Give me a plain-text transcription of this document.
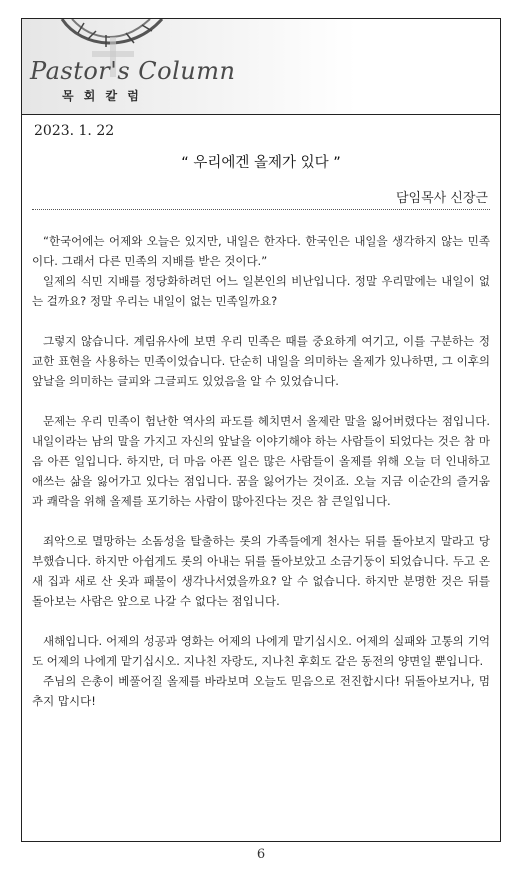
Pastor's Column
목 회 칼 럼
2023. 1. 22
“ 우리에겐 올제가 있다 ”
담임목사 신장근

“한국어에는 어제와 오늘은 있지만, 내일은 한자다. 한국인은 내일을 생각하지 않는 민족이다. 그래서 다른 민족의 지배를 받은 것이다.”

일제의 식민 지배를 정당화하려던 어느 일본인의 비난입니다. 정말 우리말에는 내일이 없는 걸까요? 정말 우리는 내일이 없는 민족일까요?

그렇지 않습니다. 계림유사에 보면 우리 민족은 때를 중요하게 여기고, 이를 구분하는 정교한 표현을 사용하는 민족이었습니다. 단순히 내일을 의미하는 올제가 있나하면, 그 이후의 앞날을 의미하는 글피와 그글피도 있었음을 알 수 있었습니다.

문제는 우리 민족이 험난한 역사의 파도를 헤치면서 올제란 말을 잃어버렸다는 점입니다. 내일이라는 남의 말을 가지고 자신의 앞날을 이야기해야 하는 사람들이 되었다는 것은 참 마음 아픈 일입니다. 하지만, 더 마음 아픈 일은 많은 사람들이 올제를 위해 오늘 더 인내하고 애쓰는 삶을 잃어가고 있다는 점입니다. 꿈을 잃어가는 것이죠. 오늘 지금 이순간의 즐거움과 쾌락을 위해 올제를 포기하는 사람이 많아진다는 것은 참 큰일입니다.

죄악으로 멸망하는 소돔성을 탈출하는 롯의 가족들에게 천사는 뒤를 돌아보지 말라고 당부했습니다. 하지만 아쉽게도 롯의 아내는 뒤를 돌아보았고 소금기둥이 되었습니다. 두고 온 새 집과 새로 산 옷과 패물이 생각나서였을까요? 알 수 없습니다. 하지만 분명한 것은 뒤를 돌아보는 사람은 앞으로 나갈 수 없다는 점입니다.

새해입니다. 어제의 성공과 영화는 어제의 나에게 맡기십시오. 어제의 실패와 고통의 기억도 어제의 나에게 맡기십시오. 지나친 자랑도, 지나친 후회도 같은 동전의 양면일 뿐입니다.

주님의 은총이 베풀어질 올제를 바라보며 오늘도 믿음으로 전진합시다! 뒤돌아보거나, 멈추지 맙시다!

6
